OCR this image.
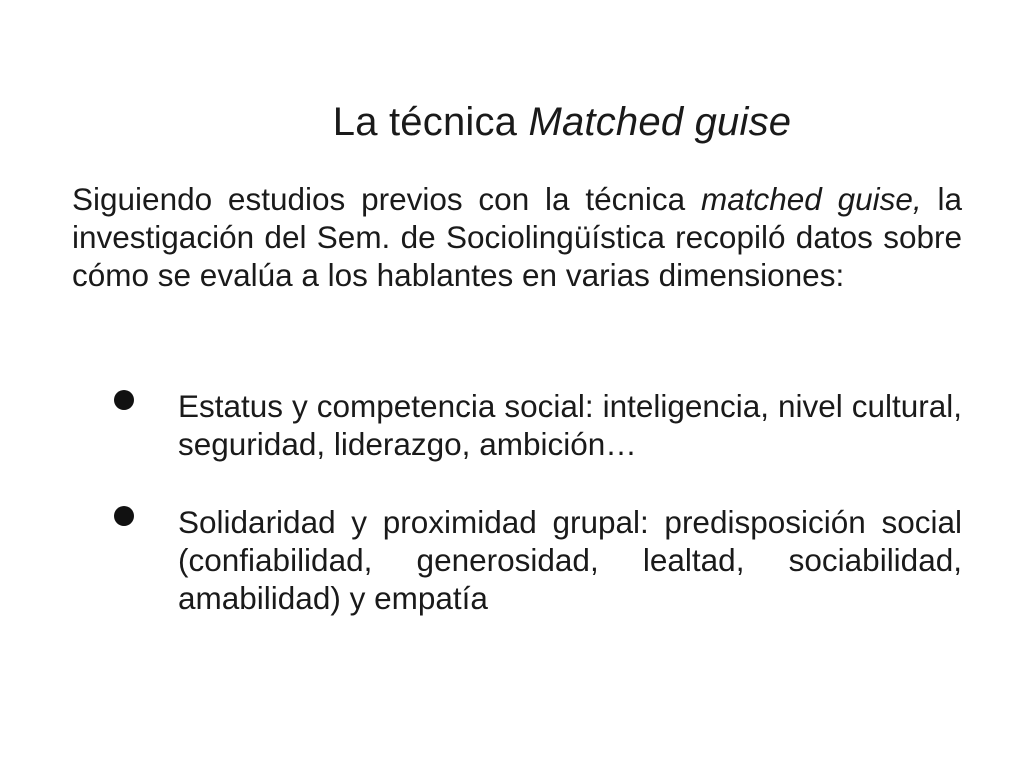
La técnica Matched guise

Siguiendo estudios previos con la técnica matched guise, la investigación del Sem. de Sociolingüística recopiló datos sobre cómo se evalúa a los hablantes en varias dimensiones:

Estatus y competencia social: inteligencia, nivel cultural, seguridad, liderazgo, ambición…
Solidaridad y proximidad grupal: predisposición social (confiabilidad, generosidad, lealtad, sociabilidad, amabilidad) y empatía
